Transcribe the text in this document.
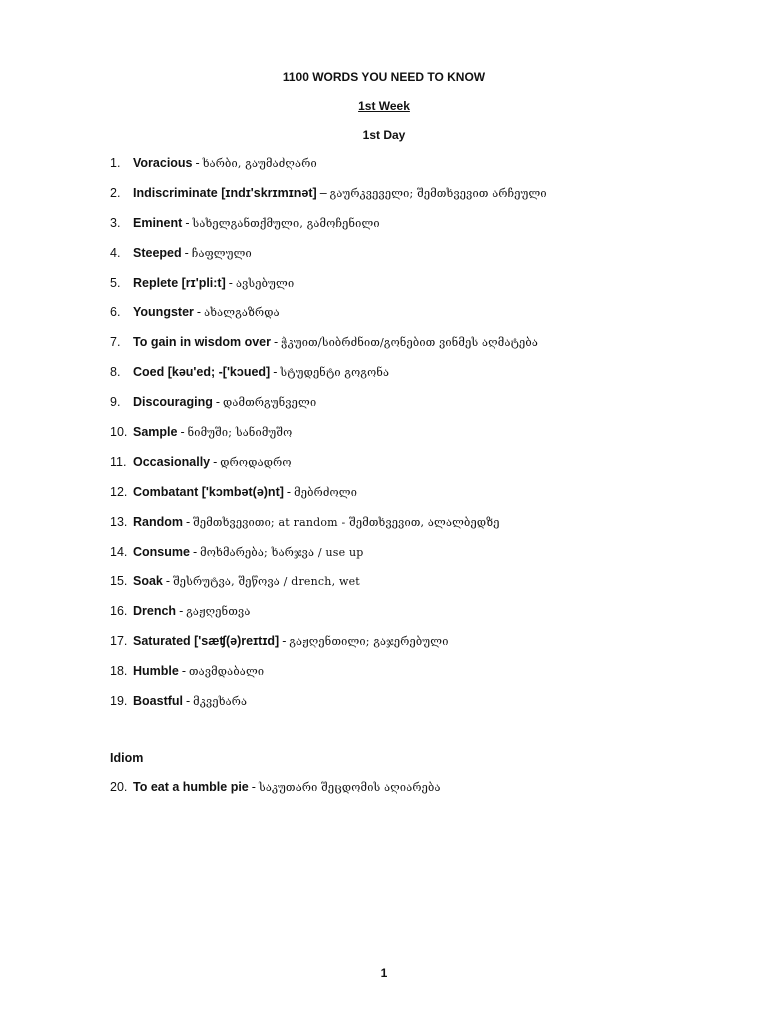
1100 WORDS YOU NEED TO KNOW
1st Week
1st Day
1.	Voracious - ხარბი, გაუმაძღარი
2.	Indiscriminate [ɪndɪ'skrɪmɪnət] – გაურკვეველი; შემთხვევით არჩეული
3.	Eminent - სახელგანთქმული, გამოჩენილი
4.	Steeped - ჩაფლული
5.	Replete [rɪ'pli:t] - ავსებული
6.	Youngster - ახალგაზრდა
7.	To gain in wisdom over - ჭკუით/სიბრძნით/გონებით ვინმეს აღმატება
8.	Coed [kəu'ed; -['kɔued] - სტუდენტი გოგონა
9.	Discouraging - დამთრგუნველი
10. Sample - ნიმუში; სანიმუშო
11. Occasionally - დროდადრო
12. Combatant ['kɔmbət(ə)nt] - მებრძოლი
13. Random - შემთხვევითი; at random - შემთხვევით, ალალბედზე
14. Consume - მოხმარება; ხარჯვა / use up
15. Soak - შესრუტვა, შეწოვა / drench, wet
16. Drench - გაჟღენთვა
17. Saturated ['sæʧ(ə)reɪtɪd] - გაჟღენთილი; გაჯერებული
18. Humble - თავმდაბალი
19. Boastful - მკვეხარა
Idiom
20. To eat a humble pie - საკუთარი შეცდომის აღიარება
1
